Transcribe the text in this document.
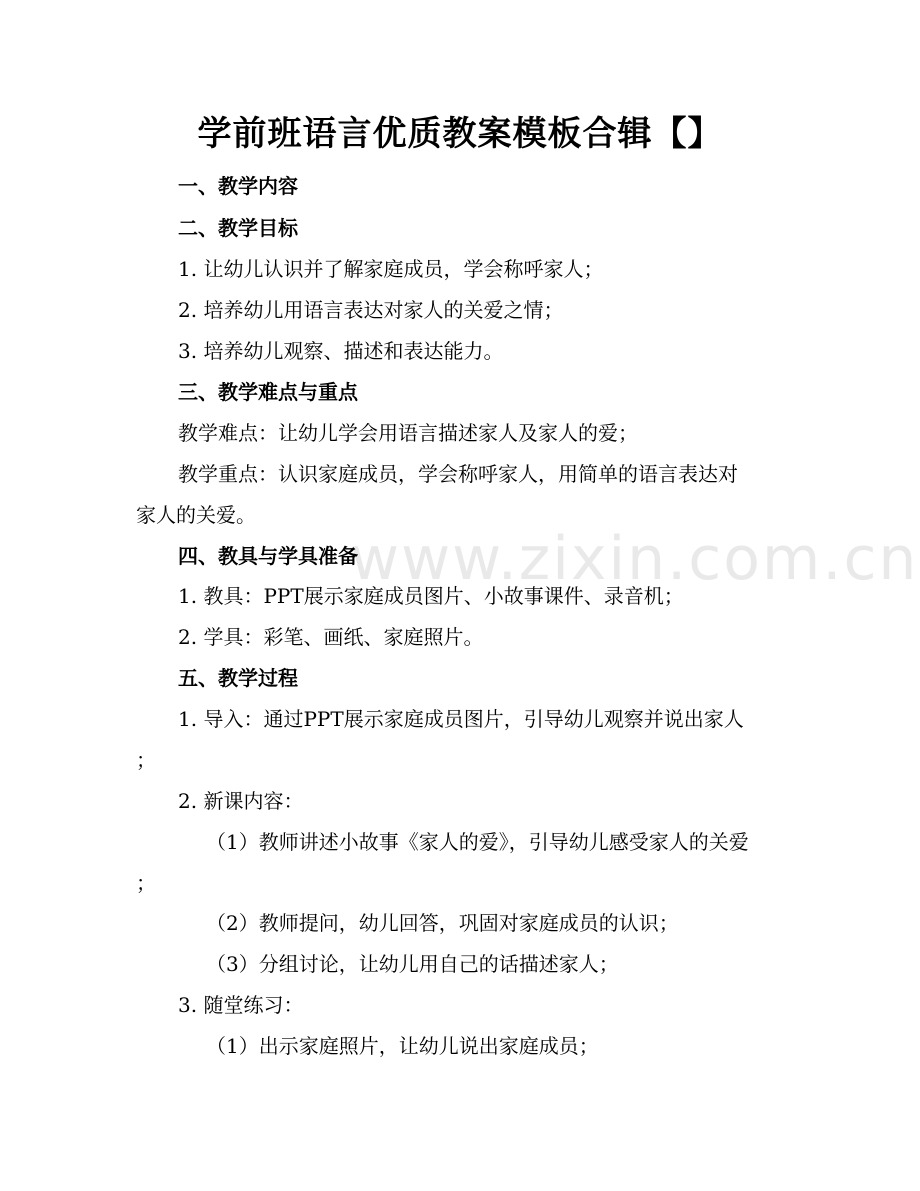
www.zixin.com.cn
学前班语言优质教案模板合辑【】
一、教学内容
二、教学目标
1. 让幼儿认识并了解家庭成员，学会称呼家人；
2. 培养幼儿用语言表达对家人的关爱之情；
3. 培养幼儿观察、描述和表达能力。
三、教学难点与重点
教学难点：让幼儿学会用语言描述家人及家人的爱；
教学重点：认识家庭成员，学会称呼家人，用简单的语言表达对
家人的关爱。
四、教具与学具准备
1. 教具：PPT展示家庭成员图片、小故事课件、录音机；
2. 学具：彩笔、画纸、家庭照片。
五、教学过程
1. 导入：通过PPT展示家庭成员图片，引导幼儿观察并说出家人
；
2. 新课内容：
（1）教师讲述小故事《家人的爱》，引导幼儿感受家人的关爱
；
（2）教师提问，幼儿回答，巩固对家庭成员的认识；
（3）分组讨论，让幼儿用自己的话描述家人；
3. 随堂练习：
（1）出示家庭照片，让幼儿说出家庭成员；
